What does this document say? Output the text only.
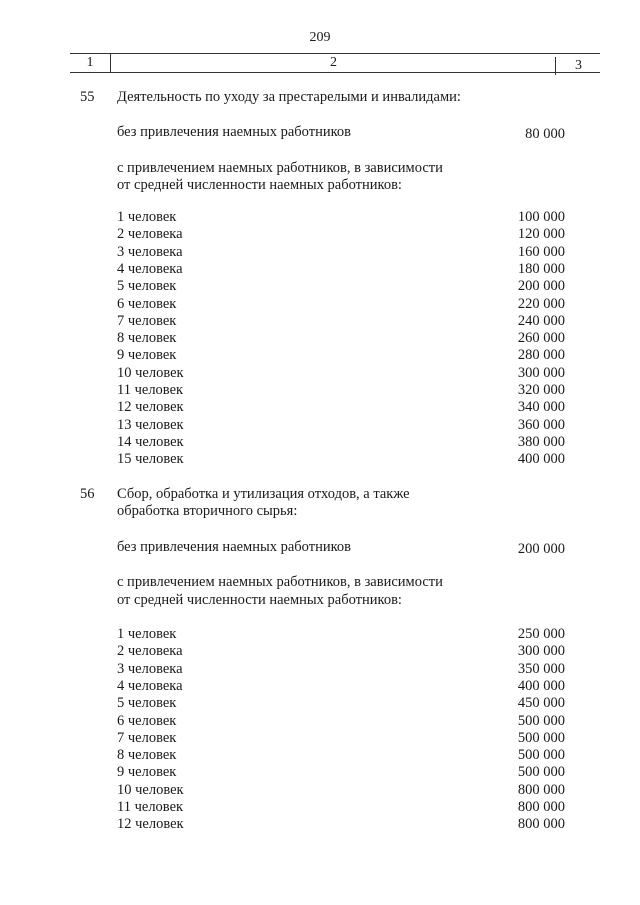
209
1	2	3
55 Деятельность по уходу за престарелыми и инвалидами:
без привлечения наемных работников	80 000
с привлечением наемных работников, в зависимости
от средней численности наемных работников:
1 человек	100 000
2 человека	120 000
3 человека	160 000
4 человека	180 000
5 человек	200 000
6 человек	220 000
7 человек	240 000
8 человек	260 000
9 человек	280 000
10 человек	300 000
11 человек	320 000
12 человек	340 000
13 человек	360 000
14 человек	380 000
15 человек	400 000
56 Сбор, обработка и утилизация отходов, а также
обработка вторичного сырья:
без привлечения наемных работников	200 000
с привлечением наемных работников, в зависимости
от средней численности наемных работников:
1 человек	250 000
2 человека	300 000
3 человека	350 000
4 человека	400 000
5 человек	450 000
6 человек	500 000
7 человек	500 000
8 человек	500 000
9 человек	500 000
10 человек	800 000
11 человек	800 000
12 человек	800 000
